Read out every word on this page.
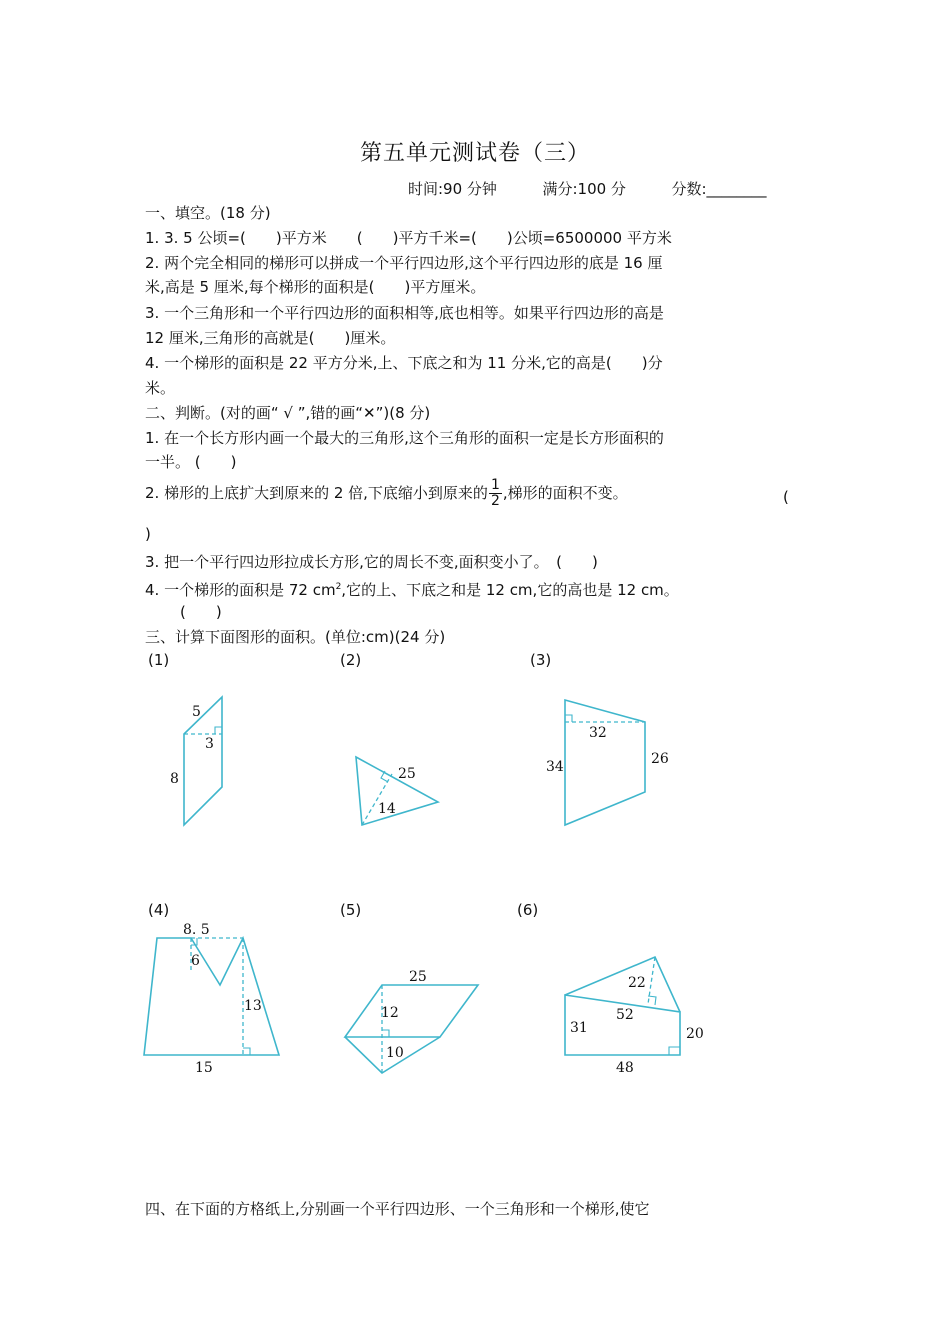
第五单元测试卷（三）
时间:90 分钟	满分:100 分	分数:________
一、填空。(18 分)
1. 3. 5 公顷=(　　)平方米　　(　　)平方千米=(　　)公顷=6500000 平方米
2. 两个完全相同的梯形可以拼成一个平行四边形,这个平行四边形的底是 16 厘
米,高是 5 厘米,每个梯形的面积是(　　)平方厘米。
3. 一个三角形和一个平行四边形的面积相等,底也相等。如果平行四边形的高是
12 厘米,三角形的高就是(　　)厘米。
4. 一个梯形的面积是 22 平方分米,上、下底之和为 11 分米,它的高是(　　)分
米。
二、判断。(对的画“ √ ”,错的画“✕”)(8 分)
1. 在一个长方形内画一个最大的三角形,这个三角形的面积一定是长方形面积的
一半。 (　　)
2. 梯形的上底扩大到原来的 2 倍,下底缩小到原来的 $\frac{1}{2}$ ,梯形的面积不变。	(
)
3. 把一个平行四边形拉成长方形,它的周长不变,面积变小了。　(　　)
4. 一个梯形的面积是 72 $cm^2$,它的上、下底之和是 12 cm,它的高也是 12 cm。
(　　)
三、计算下面图形的面积。(单位:cm)(24 分)
(1)	(2)	(3)
(4)	(5)	(6)
5
3
8	25
14
32
34	26
8. 5
6
13
15
25
12
10
22
52
31	20
48
四、在下面的方格纸上,分别画一个平行四边形、一个三角形和一个梯形,使它
